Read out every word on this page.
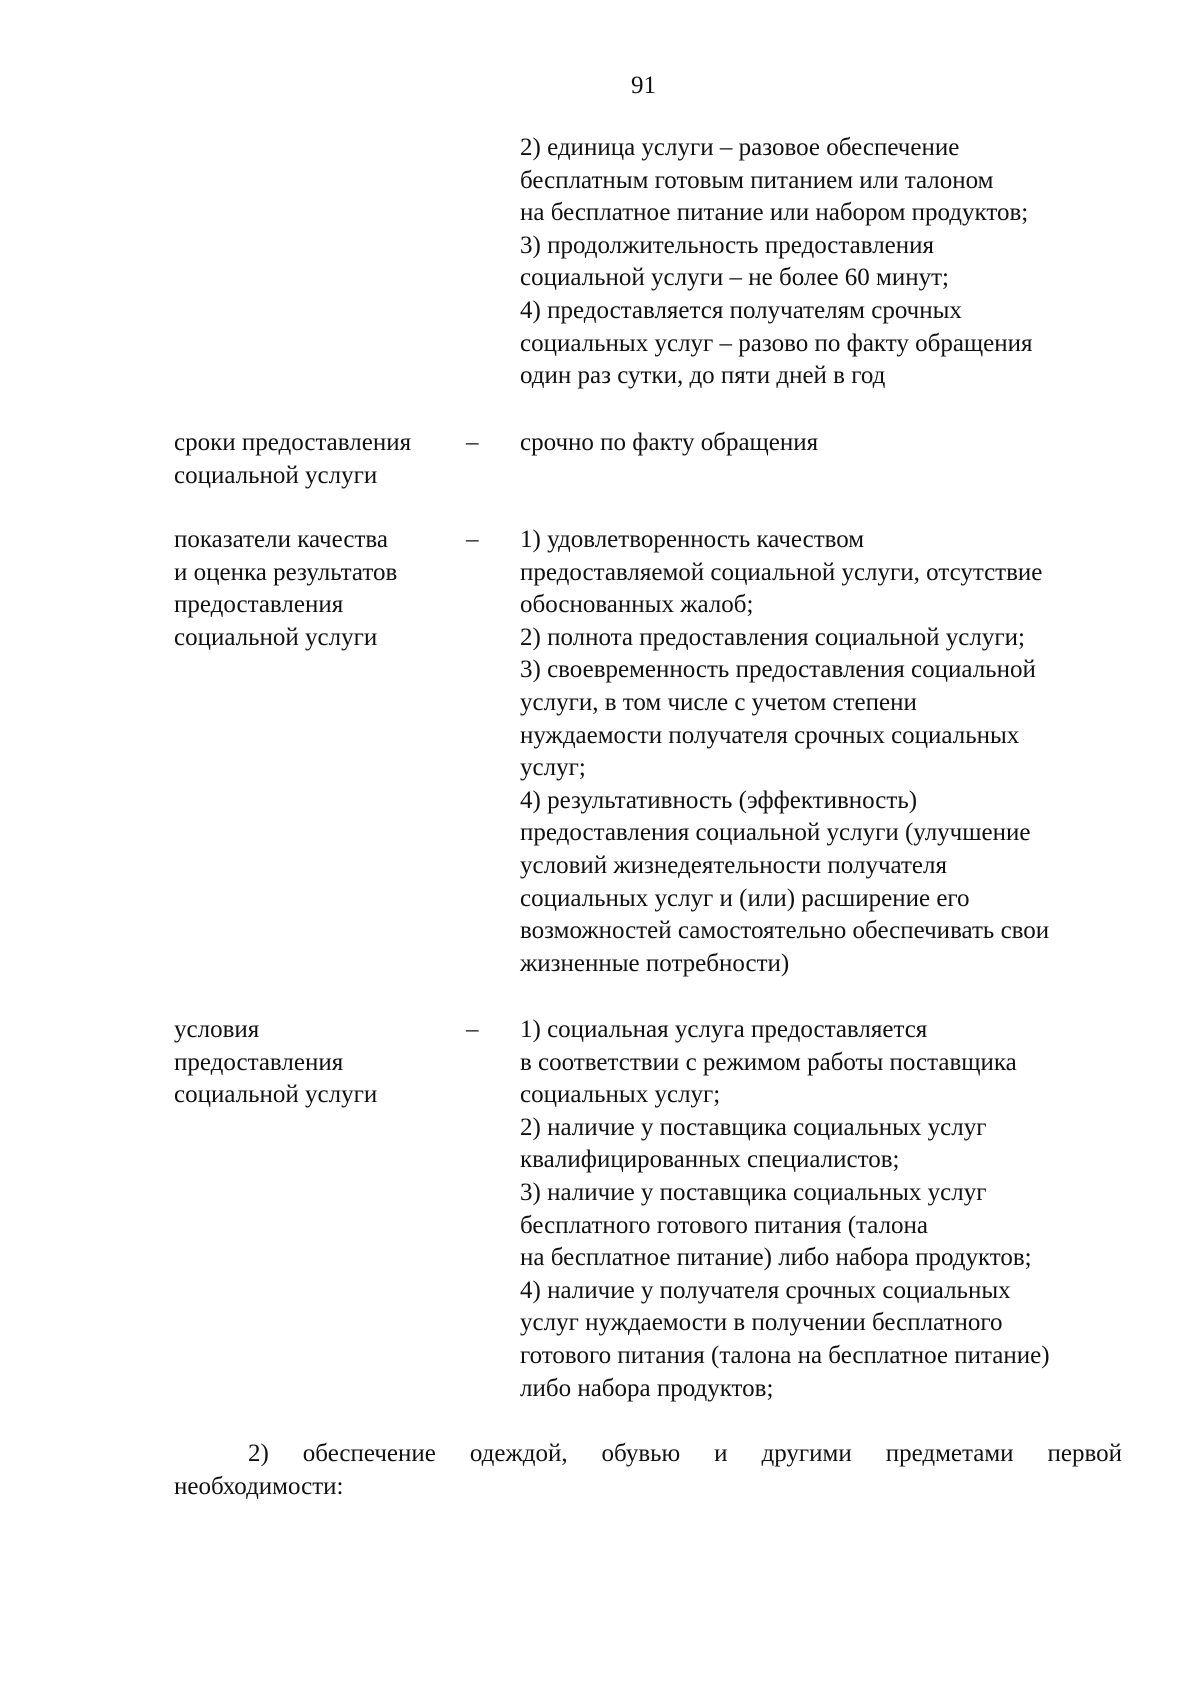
91
2) единица услуги – разовое обеспечение
бесплатным готовым питанием или талоном
на бесплатное питание или набором продуктов;
3) продолжительность предоставления
социальной услуги – не более 60 минут;
4) предоставляется получателям срочных
социальных услуг – разово по факту обращения
один раз сутки, до пяти дней в год
сроки предоставления
социальной услуги
– срочно по факту обращения
показатели качества
и оценка результатов
предоставления
социальной услуги
– 1) удовлетворенность качеством
предоставляемой социальной услуги, отсутствие
обоснованных жалоб;
2) полнота предоставления социальной услуги;
3) своевременность предоставления социальной
услуги, в том числе с учетом степени
нуждаемости получателя срочных социальных
услуг;
4) результативность (эффективность)
предоставления социальной услуги (улучшение
условий жизнедеятельности получателя
социальных услуг и (или) расширение его
возможностей самостоятельно обеспечивать свои
жизненные потребности)
условия
предоставления
социальной услуги
– 1) социальная услуга предоставляется
в соответствии с режимом работы поставщика
социальных услуг;
2) наличие у поставщика социальных услуг
квалифицированных специалистов;
3) наличие у поставщика социальных услуг
бесплатного готового питания (талона
на бесплатное питание) либо набора продуктов;
4) наличие у получателя срочных социальных
услуг нуждаемости в получении бесплатного
готового питания (талона на бесплатное питание)
либо набора продуктов;
2) обеспечение одеждой, обувью и другими предметами первой
необходимости:
